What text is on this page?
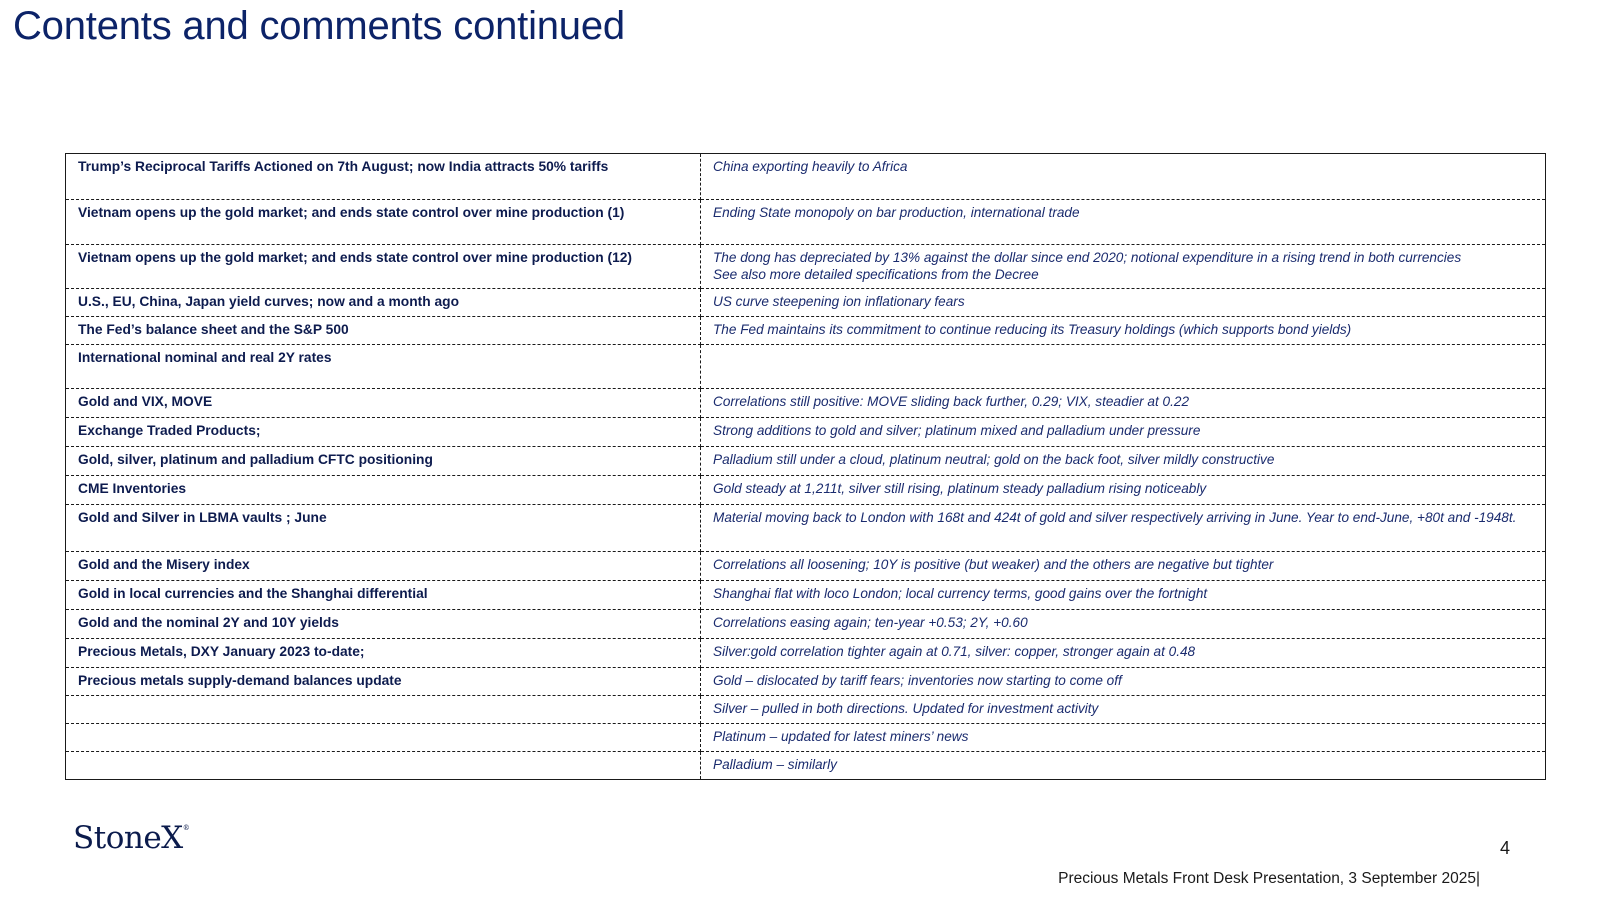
Contents and comments continued
Trump’s Reciprocal Tariffs Actioned on 7th August; now India attracts 50% tariffs	China exporting heavily to Africa

Vietnam opens up the gold market; and ends state control over mine production (1)	Ending State monopoly on bar production, international trade

Vietnam opens up the gold market; and ends state control over mine production (12)	The dong has depreciated by 13% against the dollar since end 2020; notional expenditure in a rising trend in both currencies
See also more detailed specifications from the Decree

U.S., EU, China, Japan yield curves; now and a month ago	US curve steepening ion inflationary fears

The Fed’s balance sheet and the S&P 500	The Fed maintains its commitment to continue reducing its Treasury holdings (which supports bond yields)

International nominal and real 2Y rates	
Gold and VIX, MOVE	Correlations still positive: MOVE sliding back further, 0.29; VIX, steadier at 0.22

Exchange Traded Products;	Strong additions to gold and silver; platinum mixed and palladium under pressure

Gold, silver, platinum and palladium CFTC positioning	Palladium still under a cloud, platinum neutral; gold on the back foot, silver mildly constructive

CME Inventories	Gold steady at 1,211t, silver still rising, platinum steady palladium rising noticeably

Gold and Silver in LBMA vaults ; June	Material moving back to London with 168t and 424t of gold and silver respectively arriving in June. Year to end-June, +80t and -1948t.

Gold and the Misery index	Correlations all loosening; 10Y is positive (but weaker) and the others are negative but tighter

Gold in local currencies and the Shanghai differential	Shanghai flat with loco London; local currency terms, good gains over the fortnight

Gold and the nominal 2Y and 10Y yields	Correlations easing again; ten-year +0.53; 2Y, +0.60

Precious Metals, DXY January 2023 to-date;	Silver:gold correlation tighter again at 0.71, silver: copper, stronger again at 0.48

Precious metals supply-demand balances update	Gold – dislocated by tariff fears; inventories now starting to come off

	Silver – pulled in both directions. Updated for investment activity

	Platinum – updated for latest miners’ news

	Palladium – similarly
StoneX®
4
Precious Metals Front Desk Presentation, 3 September 2025|
